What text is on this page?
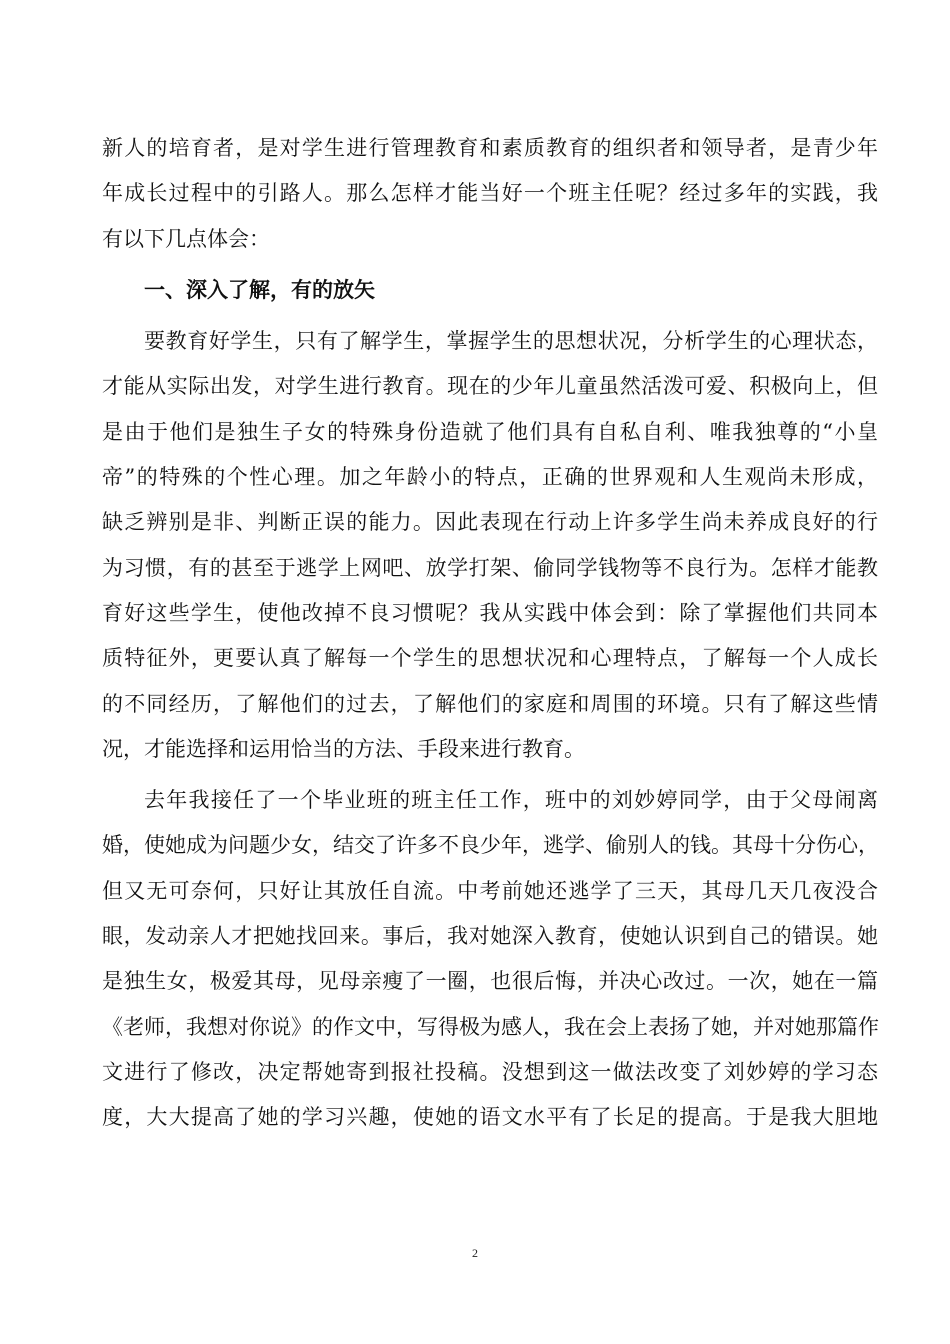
新人的培育者，是对学生进行管理教育和素质教育的组织者和领导者，是青少年
年成长过程中的引路人。那么怎样才能当好一个班主任呢？经过多年的实践，我
有以下几点体会：
一、深入了解，有的放矢
要教育好学生，只有了解学生，掌握学生的思想状况，分析学生的心理状态，
才能从实际出发，对学生进行教育。现在的少年儿童虽然活泼可爱、积极向上，但
是由于他们是独生子女的特殊身份造就了他们具有自私自利、唯我独尊的“小皇
帝”的特殊的个性心理。加之年龄小的特点，正确的世界观和人生观尚未形成，
缺乏辨别是非、判断正误的能力。因此表现在行动上许多学生尚未养成良好的行
为习惯，有的甚至于逃学上网吧、放学打架、偷同学钱物等不良行为。怎样才能教
育好这些学生，使他改掉不良习惯呢？我从实践中体会到：除了掌握他们共同本
质特征外，更要认真了解每一个学生的思想状况和心理特点，了解每一个人成长
的不同经历，了解他们的过去，了解他们的家庭和周围的环境。只有了解这些情
况，才能选择和运用恰当的方法、手段来进行教育。
去年我接任了一个毕业班的班主任工作，班中的刘妙婷同学，由于父母闹离
婚，使她成为问题少女，结交了许多不良少年，逃学、偷别人的钱。其母十分伤心，
但又无可奈何，只好让其放任自流。中考前她还逃学了三天，其母几天几夜没合
眼，发动亲人才把她找回来。事后，我对她深入教育，使她认识到自己的错误。她
是独生女，极爱其母，见母亲瘦了一圈，也很后悔，并决心改过。一次，她在一篇
《老师，我想对你说》的作文中，写得极为感人，我在会上表扬了她，并对她那篇作
文进行了修改，决定帮她寄到报社投稿。没想到这一做法改变了刘妙婷的学习态
度，大大提高了她的学习兴趣，使她的语文水平有了长足的提高。于是我大胆地
2
